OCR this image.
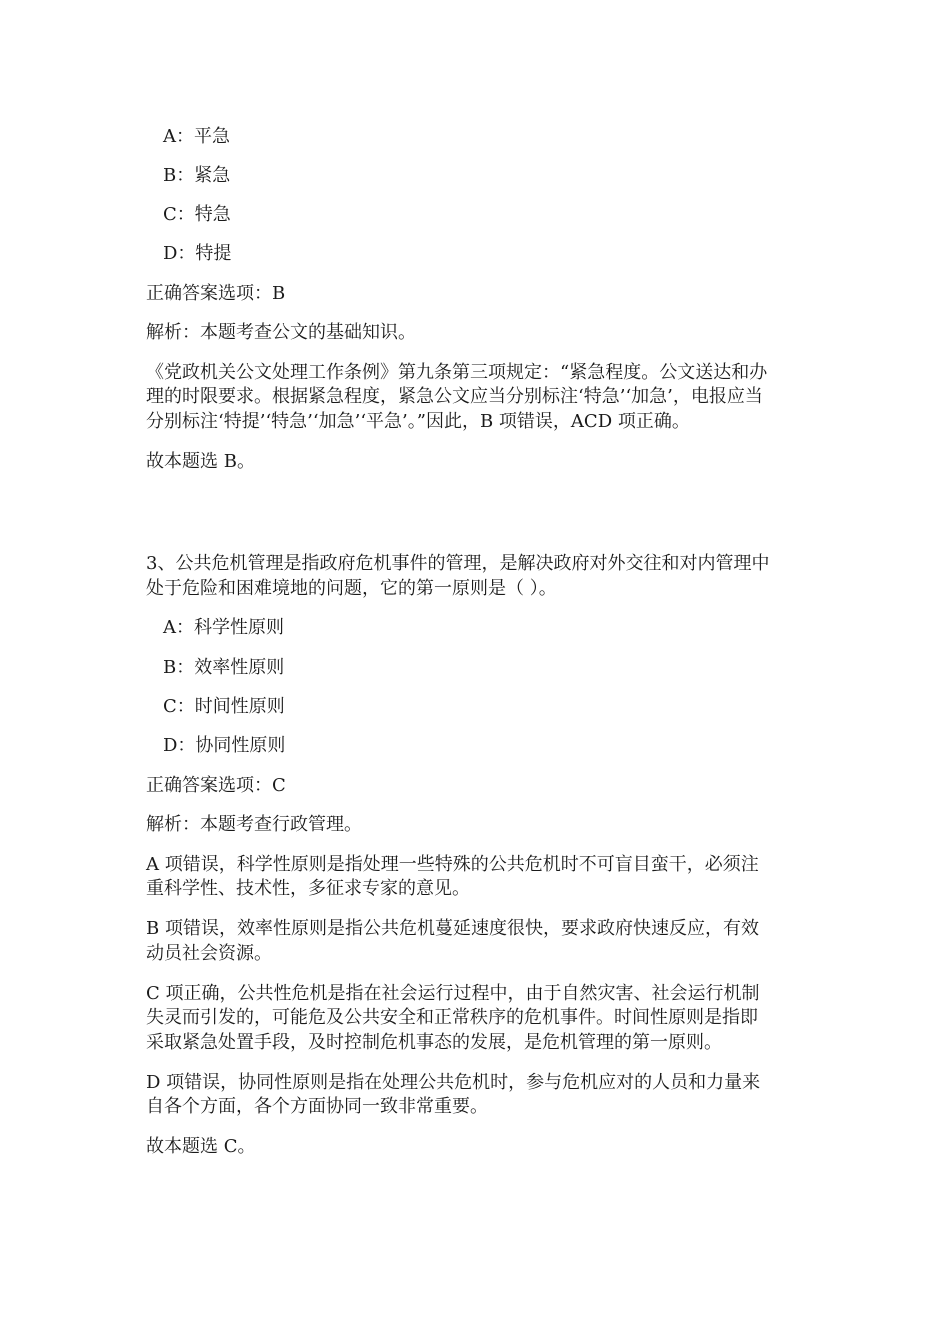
A：平急
B：紧急
C：特急
D：特提
正确答案选项：B
解析：本题考查公文的基础知识。
《党政机关公文处理工作条例》第九条第三项规定：“紧急程度。公文送达和办
理的时限要求。根据紧急程度，紧急公文应当分别标注‘特急’‘加急’，电报应当
分别标注‘特提’‘特急’‘加急’‘平急’。”因此，B 项错误，ACD 项正确。
故本题选 B。
3、公共危机管理是指政府危机事件的管理，是解决政府对外交往和对内管理中
处于危险和困难境地的问题，它的第一原则是（ ）。
A：科学性原则
B：效率性原则
C：时间性原则
D：协同性原则
正确答案选项：C
解析：本题考查行政管理。
A 项错误，科学性原则是指处理一些特殊的公共危机时不可盲目蛮干，必须注
重科学性、技术性，多征求专家的意见。
B 项错误，效率性原则是指公共危机蔓延速度很快，要求政府快速反应，有效
动员社会资源。
C 项正确，公共性危机是指在社会运行过程中，由于自然灾害、社会运行机制
失灵而引发的，可能危及公共安全和正常秩序的危机事件。时间性原则是指即
采取紧急处置手段，及时控制危机事态的发展，是危机管理的第一原则。
D 项错误，协同性原则是指在处理公共危机时，参与危机应对的人员和力量来
自各个方面，各个方面协同一致非常重要。
故本题选 C。
